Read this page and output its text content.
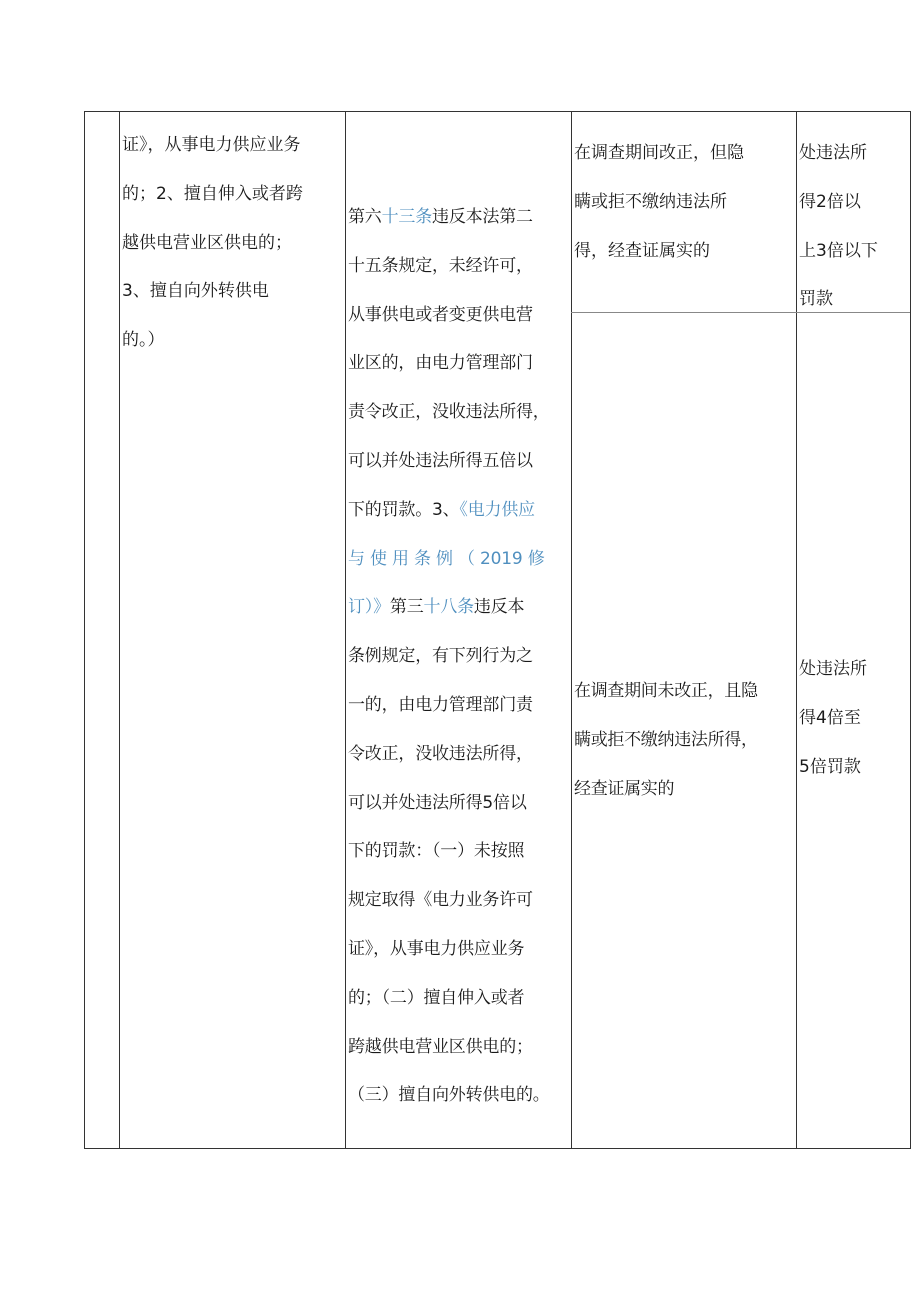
证》，从事电力供应业务
的；2、擅自伸入或者跨
越供电营业区供电的；
3、擅自向外转供电
的。）
第六十三条违反本法第二
十五条规定，未经许可，
从事供电或者变更供电营
业区的，由电力管理部门
责令改正，没收违法所得，
可以并处违法所得五倍以
下的罚款。3、《电力供应
与 使 用 条 例 （ 2019 修
订）》第三十八条违反本
条例规定，有下列行为之
一的，由电力管理部门责
令改正，没收违法所得，
可以并处违法所得5倍以
下的罚款：（一）未按照
规定取得《电力业务许可
证》，从事电力供应业务
的；（二）擅自伸入或者
跨越供电营业区供电的；
（三）擅自向外转供电的。
在调查期间改正，但隐
瞒或拒不缴纳违法所
得，经查证属实的
处违法所
得2倍以
上3倍以下
罚款
在调查期间未改正，且隐
瞒或拒不缴纳违法所得，
经查证属实的
处违法所
得4倍至
5倍罚款
